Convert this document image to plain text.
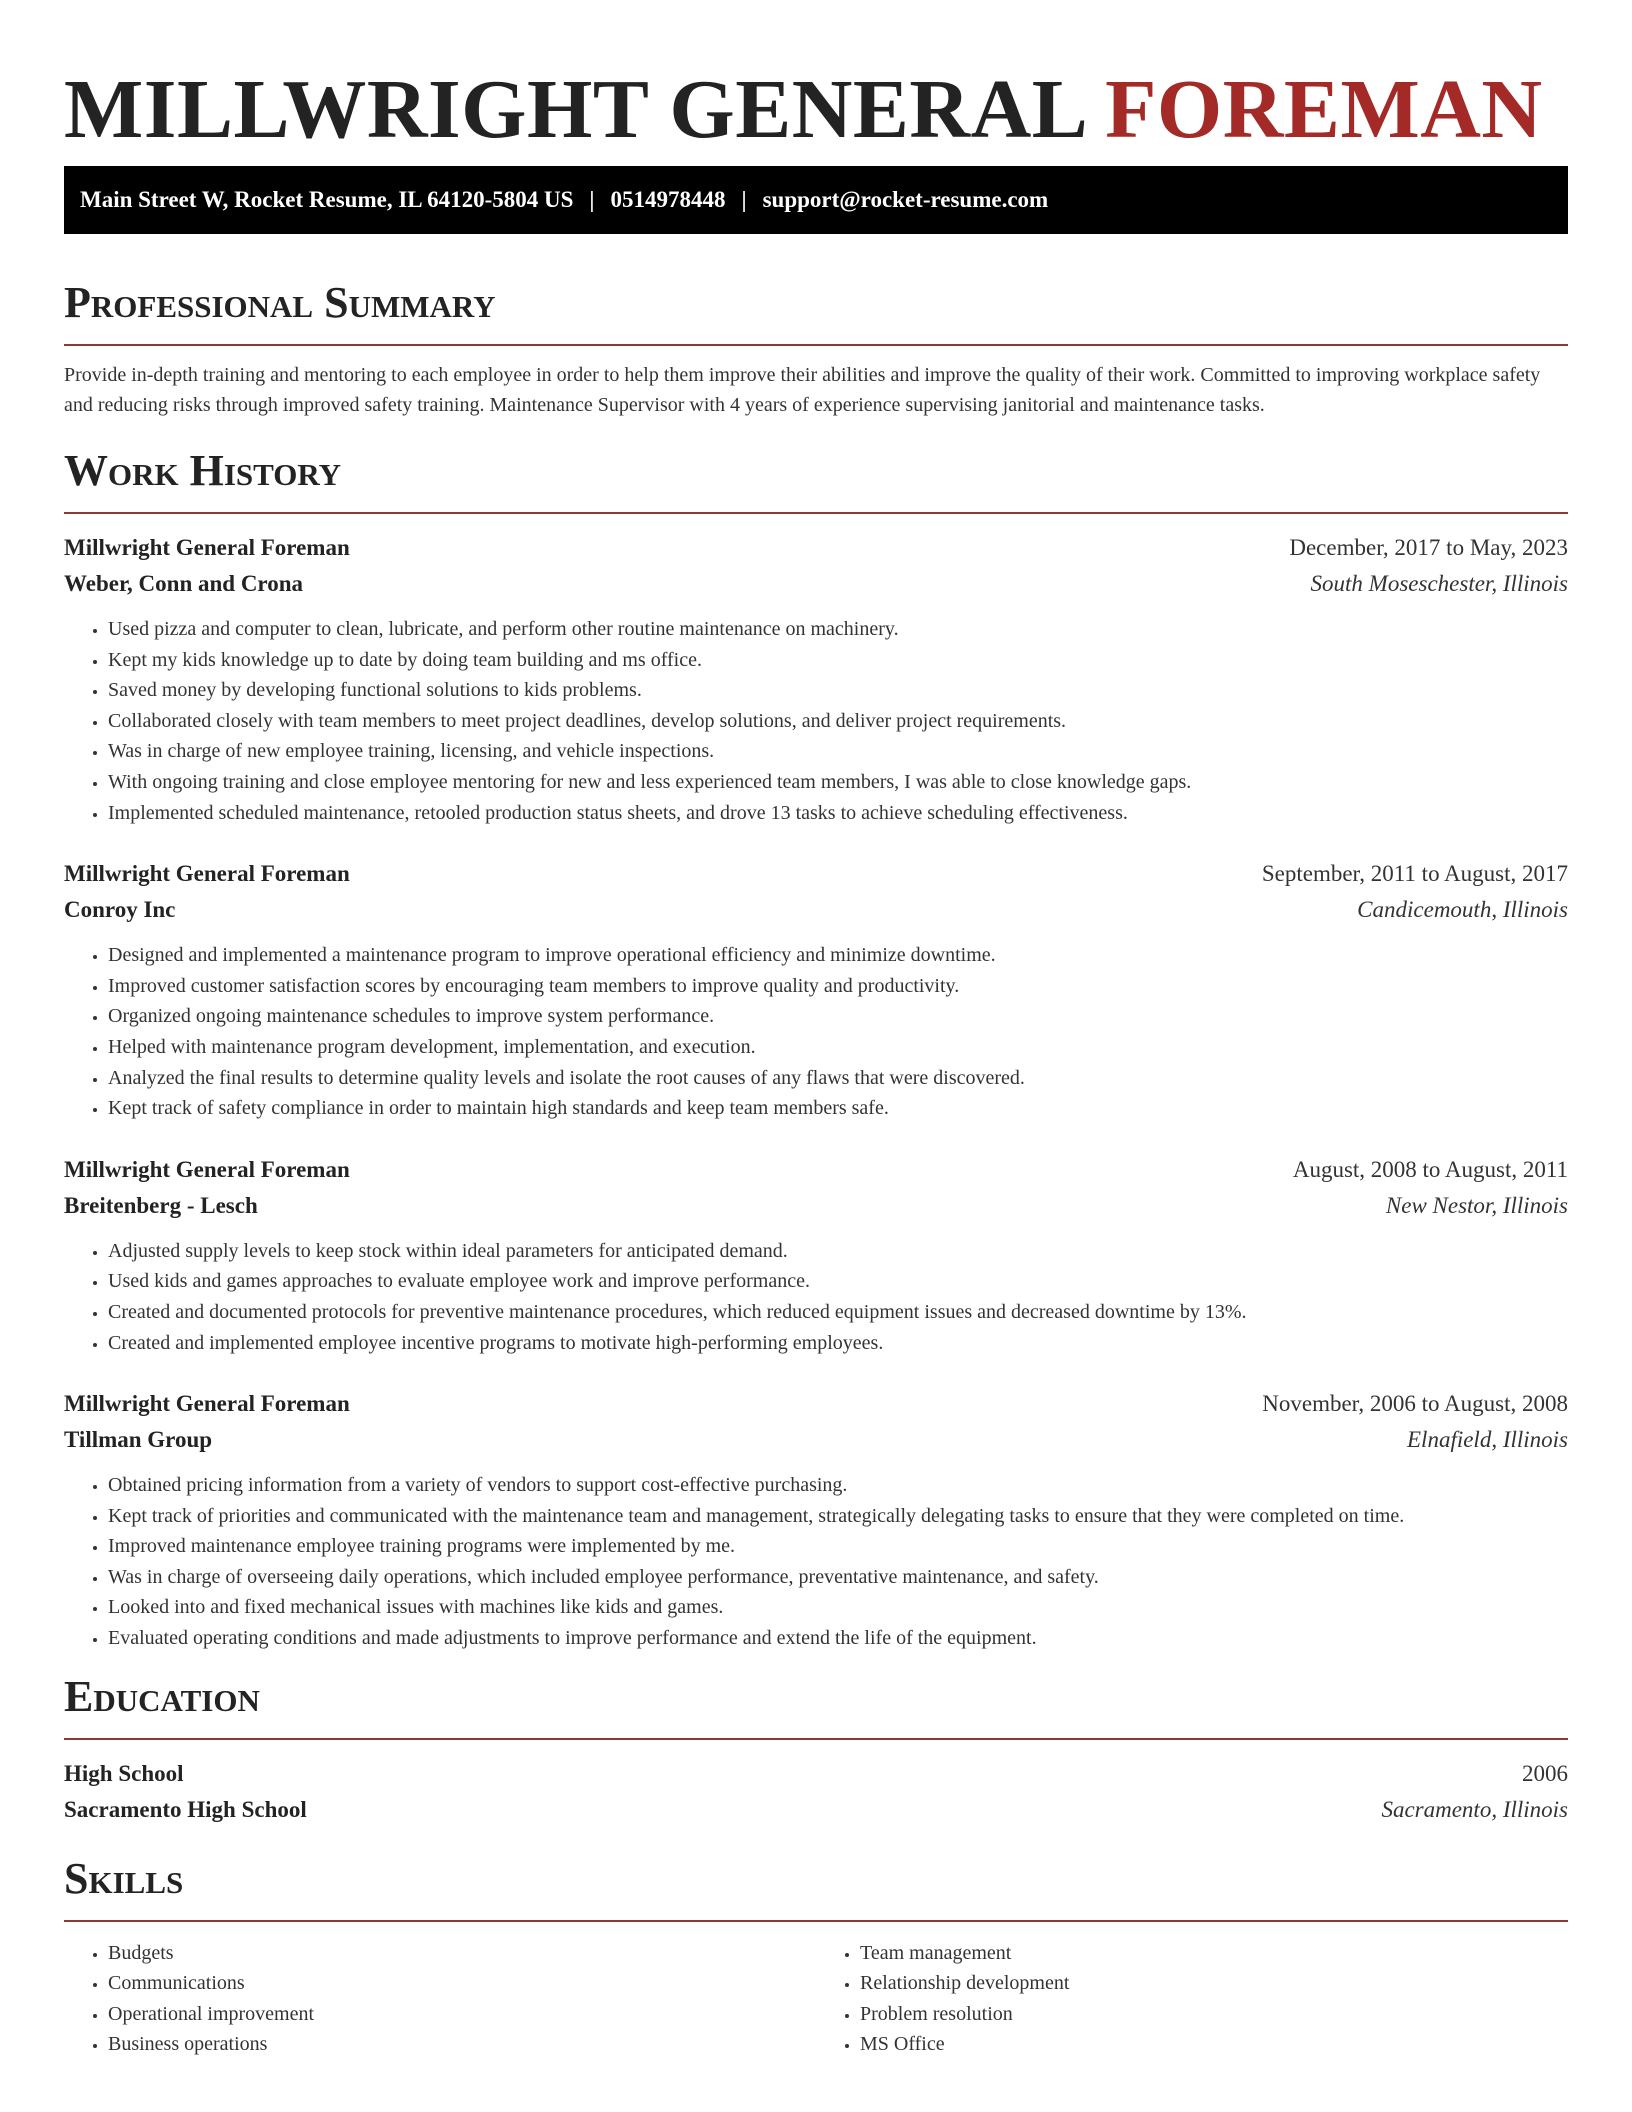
MILLWRIGHT GENERAL FOREMAN
Main Street W, Rocket Resume, IL 64120-5804 US | 0514978448 | support@rocket-resume.com
Professional Summary

Provide in-depth training and mentoring to each employee in order to help them improve their abilities and improve the quality of their work. Committed to improving workplace safety and reducing risks through improved safety training. Maintenance Supervisor with 4 years of experience supervising janitorial and maintenance tasks.

Work History
Millwright General Foreman	December, 2017 to May, 2023
Weber, Conn and Crona	South Moseschester, Illinois
• Used pizza and computer to clean, lubricate, and perform other routine maintenance on machinery.
• Kept my kids knowledge up to date by doing team building and ms office.
• Saved money by developing functional solutions to kids problems.
• Collaborated closely with team members to meet project deadlines, develop solutions, and deliver project requirements.
• Was in charge of new employee training, licensing, and vehicle inspections.
• With ongoing training and close employee mentoring for new and less experienced team members, I was able to close knowledge gaps.
• Implemented scheduled maintenance, retooled production status sheets, and drove 13 tasks to achieve scheduling effectiveness.
Millwright General Foreman	September, 2011 to August, 2017
Conroy Inc	Candicemouth, Illinois
• Designed and implemented a maintenance program to improve operational efficiency and minimize downtime.
• Improved customer satisfaction scores by encouraging team members to improve quality and productivity.
• Organized ongoing maintenance schedules to improve system performance.
• Helped with maintenance program development, implementation, and execution.
• Analyzed the final results to determine quality levels and isolate the root causes of any flaws that were discovered.
• Kept track of safety compliance in order to maintain high standards and keep team members safe.
Millwright General Foreman	August, 2008 to August, 2011
Breitenberg - Lesch	New Nestor, Illinois
• Adjusted supply levels to keep stock within ideal parameters for anticipated demand.
• Used kids and games approaches to evaluate employee work and improve performance.
• Created and documented protocols for preventive maintenance procedures, which reduced equipment issues and decreased downtime by 13%.
• Created and implemented employee incentive programs to motivate high-performing employees.
Millwright General Foreman	November, 2006 to August, 2008
Tillman Group	Elnafield, Illinois
• Obtained pricing information from a variety of vendors to support cost-effective purchasing.
• Kept track of priorities and communicated with the maintenance team and management, strategically delegating tasks to ensure that they were completed on time.
• Improved maintenance employee training programs were implemented by me.
• Was in charge of overseeing daily operations, which included employee performance, preventative maintenance, and safety.
• Looked into and fixed mechanical issues with machines like kids and games.
• Evaluated operating conditions and made adjustments to improve performance and extend the life of the equipment.
Education
High School	2006
Sacramento High School	Sacramento, Illinois
Skills
• Budgets
• Communications
• Operational improvement
• Business operations
• Team management
• Relationship development
• Problem resolution
• MS Office
